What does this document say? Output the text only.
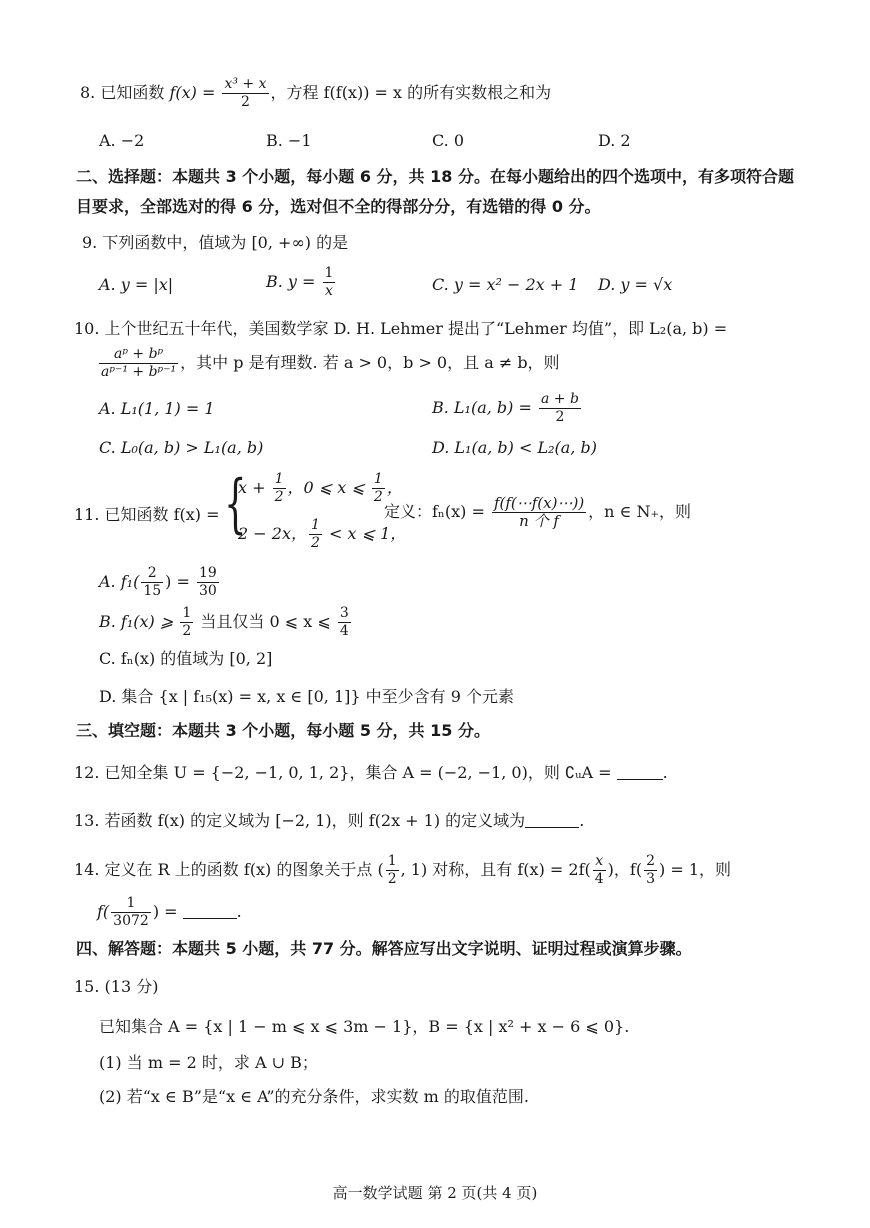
8. 已知函数 $f(x) = \frac{\text{x³ + x}}{2}$ ，方程 f(f(x)) = x 的所有实数根之和为
A. −2	B. −1	C. 0	D. 2
二、选择题：本题共 3 个小题，每小题 6 分，共 18 分。在每小题给出的四个选项中，有多项符合题
目要求，全部选对的得 6 分，选对但不全的得部分分，有选错的得 0 分。
9. 下列函数中，值域为 [0, +∞) 的是
A. y = |x|	B. $y = \frac{1}{x}$	C. y = x² − 2x + 1 D. y = √x
10. 上个世纪五十年代，美国数学家 D. H. Lehmer 提出了“Lehmer 均值”，即 L₂(a, b) =
$\frac{\text{aᵖ + bᵖ}}{\text{aᵖ⁻¹ + bᵖ⁻¹}}$ ，其中 p 是有理数. 若 a > 0，b > 0，且 a ≠ b，则
A. L₁(1, 1) = 1	B. L₁(a, $b) = \frac{a + b}{2}$
C. L₀(a, b) > L₁(a, b)	D. L₁(a, b) < L₂(a, b)
11. 已知函数 f(x) = {
$x + \frac{1}{2}$ ，0 ⩽ x ⩽ $\frac{1}{2}$ ，
2 − 2x， $\frac{1}{2} < x$ ⩽ 1，
定义：$f_n(x) = \frac{f(f(\cdots f(x)\cdots))}{\text{n 个 f}}$ ，n ∈ N₊，则
A. $f_1( \frac{2}{15}$ ) = $\frac{19}{30}$
B. f₁(x) ⩾ $\frac{1}{2}$ 当且仅当 0 ⩽ x ⩽ $\frac{3}{4}$
C. fₙ(x) 的值域为 [0, 2]
D. 集合 {x | f₁₅(x) = x, x ∈ [0, 1]} 中至少含有 9 个元素
三、填空题：本题共 3 个小题，每小题 5 分，共 15 分。
12. 已知全集 U = {−2, −1, 0, 1, 2}，集合 A = (−2, −1, 0)，则 ∁ᵤA =	.
13. 若函数 f(x) 的定义域为 [−2, 1)，则 f(2x + 1) 的定义域为	.
14. 定义在 R 上的函数 f(x) 的图象关于点 ( $\frac{1}{2}$ , 1) 对称，且有 $f(x) = 2f( \frac{x}{4}$ )，$f( \frac{2}{3}$ ) = 1，则
$f( \frac{1}{3072}$ ) =	.
四、解答题：本题共 5 小题，共 77 分。解答应写出文字说明、证明过程或演算步骤。
15. (13 分)
已知集合 A = {x | 1 − m ⩽ x ⩽ 3m − 1}，B = {x | x² + x − 6 ⩽ 0}.
(1) 当 m = 2 时，求 A ∪ B；
(2) 若“x ∈ B”是“x ∈ A”的充分条件，求实数 m 的取值范围.
高一数学试题 第 2 页(共 4 页)
